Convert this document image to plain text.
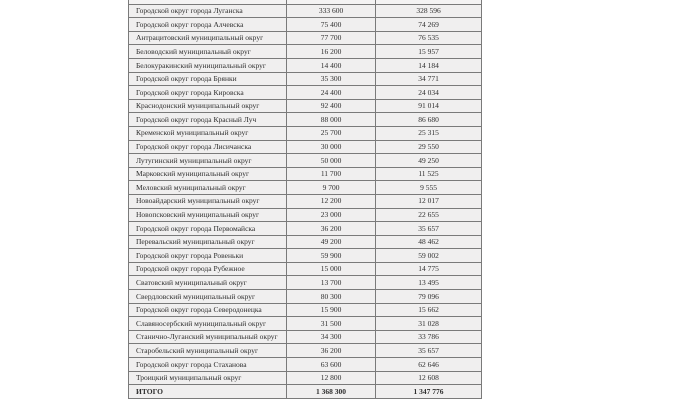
Городской округ города Луганска	333 600	328 596
Городской округ города Алчевска	75 400	74 269
Антрацитовский муниципальный округ	77 700	76 535
Беловодский муниципальный округ	16 200	15 957
Белокуракинский муниципальный округ	14 400	14 184
Городской округ города Брянки	35 300	34 771
Городской округ города Кировска	24 400	24 034
Краснодонский муниципальный округ	92 400	91 014
Городской округ города Красный Луч	88 000	86 680
Кременской муниципальный округ	25 700	25 315
Городской округ города Лисичанска	30 000	29 550
Лутугинский муниципальный округ	50 000	49 250
Марковский муниципальный округ	11 700	11 525
Меловский муниципальный округ	9 700	9 555
Новоайдарский муниципальный округ	12 200	12 017
Новопсковский муниципальный округ	23 000	22 655
Городской округ города Первомайска	36 200	35 657
Перевальский муниципальный округ	49 200	48 462
Городской округ города Ровеньки	59 900	59 002
Городской округ города Рубежное	15 000	14 775
Сватовский муниципальный округ	13 700	13 495
Свердловский муниципальный округ	80 300	79 096
Городской округ города Северодонецка	15 900	15 662
Славяносербский муниципальный округ	31 500	31 028
Станично-Луганский муниципальный округ	34 300	33 786
Старобельский муниципальный округ	36 200	35 657
Городской округ города Стаханова	63 600	62 646
Троицкий муниципальный округ	12 800	12 608
ИТОГО	1 368 300	1 347 776
